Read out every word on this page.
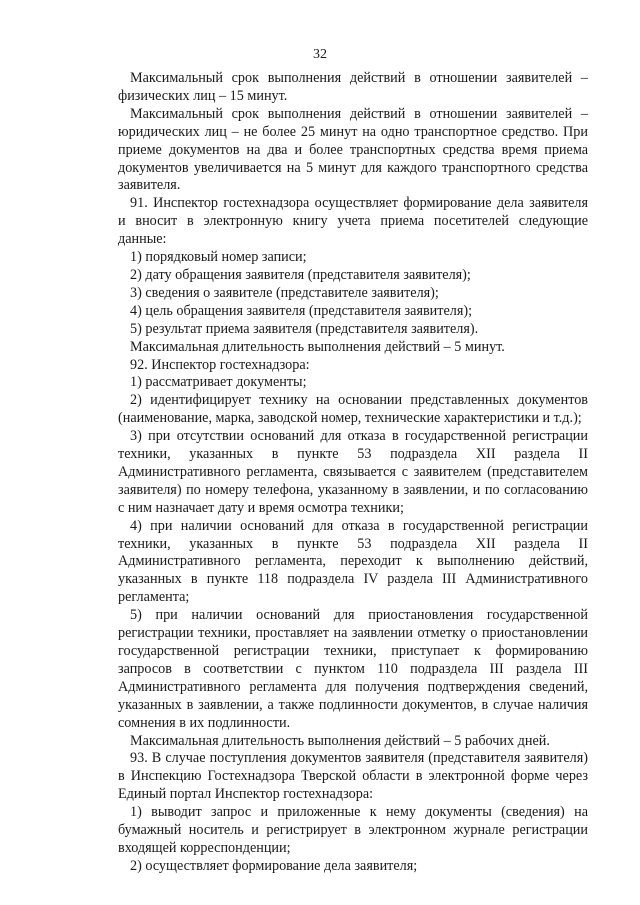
32

Максимальный срок выполнения действий в отношении заявителей – физических лиц – 15 минут.

Максимальный срок выполнения действий в отношении заявителей – юридических лиц – не более 25 минут на одно транспортное средство. При приеме документов на два и более транспортных средства время приема документов увеличивается на 5 минут для каждого транспортного средства заявителя.

91. Инспектор гостехнадзора осуществляет формирование дела заявителя и вносит в электронную книгу учета приема посетителей следующие данные:

1) порядковый номер записи;

2) дату обращения заявителя (представителя заявителя);

3) сведения о заявителе (представителе заявителя);

4) цель обращения заявителя (представителя заявителя);

5) результат приема заявителя (представителя заявителя).

Максимальная длительность выполнения действий – 5 минут.

92. Инспектор гостехнадзора:

1) рассматривает документы;

2) идентифицирует технику на основании представленных документов (наименование, марка, заводской номер, технические характеристики и т.д.);

3) при отсутствии оснований для отказа в государственной регистрации техники, указанных в пункте 53 подраздела XII раздела II Административного регламента, связывается с заявителем (представителем заявителя) по номеру телефона, указанному в заявлении, и по согласованию с ним назначает дату и время осмотра техники;

4) при наличии оснований для отказа в государственной регистрации техники, указанных в пункте 53 подраздела XII раздела II Административного регламента, переходит к выполнению действий, указанных в пункте 118 подраздела IV раздела III Административного регламента;

5) при наличии оснований для приостановления государственной регистрации техники, проставляет на заявлении отметку о приостановлении государственной регистрации техники, приступает к формированию запросов в соответствии с пунктом 110 подраздела III раздела III Административного регламента для получения подтверждения сведений, указанных в заявлении, а также подлинности документов, в случае наличия сомнения в их подлинности.

Максимальная длительность выполнения действий – 5 рабочих дней.

93. В случае поступления документов заявителя (представителя заявителя) в Инспекцию Гостехнадзора Тверской области в электронной форме через Единый портал Инспектор гостехнадзора:

1) выводит запрос и приложенные к нему документы (сведения) на бумажный носитель и регистрирует в электронном журнале регистрации входящей корреспонденции;

2) осуществляет формирование дела заявителя;
